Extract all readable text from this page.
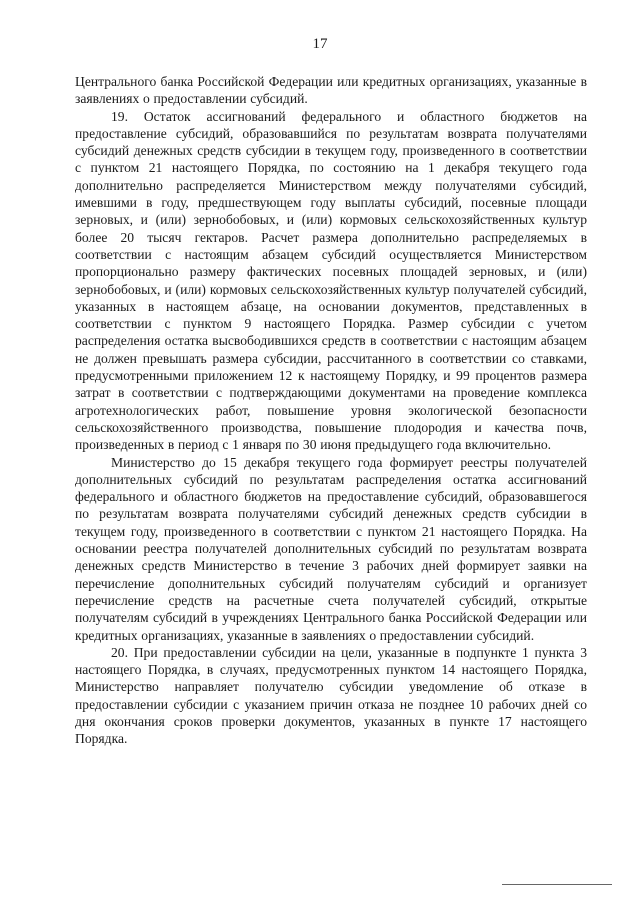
17

Центрального банка Российской Федерации или кредитных организациях, указанные в заявлениях о предоставлении субсидий.

19. Остаток ассигнований федерального и областного бюджетов на предоставление субсидий, образовавшийся по результатам возврата получателями субсидий денежных средств субсидии в текущем году, произведенного в соответствии с пунктом 21 настоящего Порядка, по состоянию на 1 декабря текущего года дополнительно распределяется Министерством между получателями субсидий, имевшими в году, предшествующем году выплаты субсидий, посевные площади зерновых, и (или) зернобобовых, и (или) кормовых сельскохозяйственных культур более 20 тысяч гектаров. Расчет размера дополнительно распределяемых в соответствии с настоящим абзацем субсидий осуществляется Министерством пропорционально размеру фактических посевных площадей зерновых, и (или) зернобобовых, и (или) кормовых сельскохозяйственных культур получателей субсидий, указанных в настоящем абзаце, на основании документов, представленных в соответствии с пунктом 9 настоящего Порядка. Размер субсидии с учетом распределения остатка высвободившихся средств в соответствии с настоящим абзацем не должен превышать размера субсидии, рассчитанного в соответствии со ставками, предусмотренными приложением 12 к настоящему Порядку, и 99 процентов размера затрат в соответствии с подтверждающими документами на проведение комплекса агротехнологических работ, повышение уровня экологической безопасности сельскохозяйственного производства, повышение плодородия и качества почв, произведенных в период с 1 января по 30 июня предыдущего года включительно.

Министерство до 15 декабря текущего года формирует реестры получателей дополнительных субсидий по результатам распределения остатка ассигнований федерального и областного бюджетов на предоставление субсидий, образовавшегося по результатам возврата получателями субсидий денежных средств субсидии в текущем году, произведенного в соответствии с пунктом 21 настоящего Порядка. На основании реестра получателей дополнительных субсидий по результатам возврата денежных средств Министерство в течение 3 рабочих дней формирует заявки на перечисление дополнительных субсидий получателям субсидий и организует перечисление средств на расчетные счета получателей субсидий, открытые получателям субсидий в учреждениях Центрального банка Российской Федерации или кредитных организациях, указанные в заявлениях о предоставлении субсидий.

20. При предоставлении субсидии на цели, указанные в подпункте 1 пункта 3 настоящего Порядка, в случаях, предусмотренных пунктом 14 настоящего Порядка, Министерство направляет получателю субсидии уведомление об отказе в предоставлении субсидии с указанием причин отказа не позднее 10 рабочих дней со дня окончания сроков проверки документов, указанных в пункте 17 настоящего Порядка.
